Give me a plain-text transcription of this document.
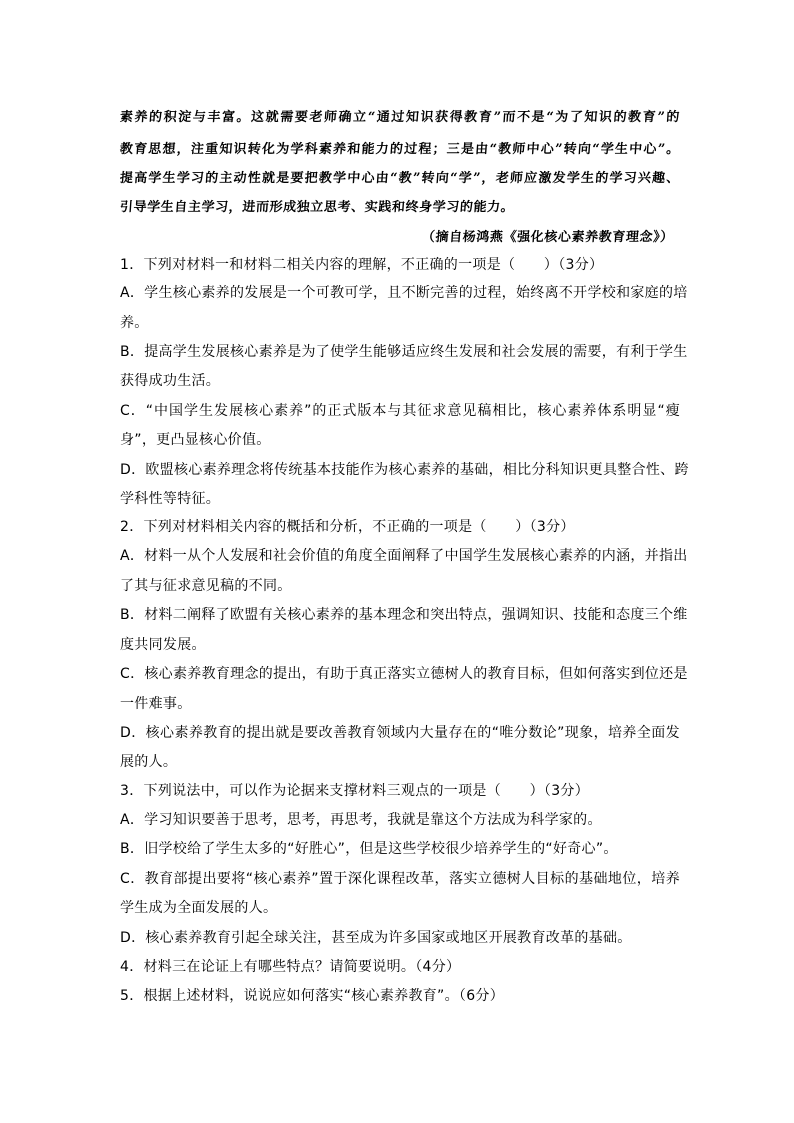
素养的积淀与丰富。这就需要老师确立“通过知识获得教育”而不是“为了知识的教育”的
教育思想，注重知识转化为学科素养和能力的过程；三是由“教师中心”转向“学生中心”。
提高学生学习的主动性就是要把教学中心由“教”转向“学”，老师应激发学生的学习兴趣、
引导学生自主学习，进而形成独立思考、实践和终身学习的能力。
（摘自杨鸿燕《强化核心素养教育理念》）
1．下列对材料一和材料二相关内容的理解，不正确的一项是（　　）（3分）
A．学生核心素养的发展是一个可教可学，且不断完善的过程，始终离不开学校和家庭的培
养。
B．提高学生发展核心素养是为了使学生能够适应终生发展和社会发展的需要，有利于学生
获得成功生活。
C．“中国学生发展核心素养”的正式版本与其征求意见稿相比，核心素养体系明显“瘦
身”，更凸显核心价值。
D．欧盟核心素养理念将传统基本技能作为核心素养的基础，相比分科知识更具整合性、跨
学科性等特征。
2．下列对材料相关内容的概括和分析，不正确的一项是（　　）（3分）
A．材料一从个人发展和社会价值的角度全面阐释了中国学生发展核心素养的内涵，并指出
了其与征求意见稿的不同。
B．材料二阐释了欧盟有关核心素养的基本理念和突出特点，强调知识、技能和态度三个维
度共同发展。
C．核心素养教育理念的提出，有助于真正落实立德树人的教育目标，但如何落实到位还是
一件难事。
D．核心素养教育的提出就是要改善教育领域内大量存在的“唯分数论”现象，培养全面发
展的人。
3．下列说法中，可以作为论据来支撑材料三观点的一项是（　　）（3分）
A．学习知识要善于思考，思考，再思考，我就是靠这个方法成为科学家的。
B．旧学校给了学生太多的“好胜心”，但是这些学校很少培养学生的“好奇心”。
C．教育部提出要将“核心素养”置于深化课程改革，落实立德树人目标的基础地位，培养
学生成为全面发展的人。
D．核心素养教育引起全球关注，甚至成为许多国家或地区开展教育改革的基础。
4．材料三在论证上有哪些特点？请简要说明。（4分）
5．根据上述材料，说说应如何落实“核心素养教育”。（6分）
